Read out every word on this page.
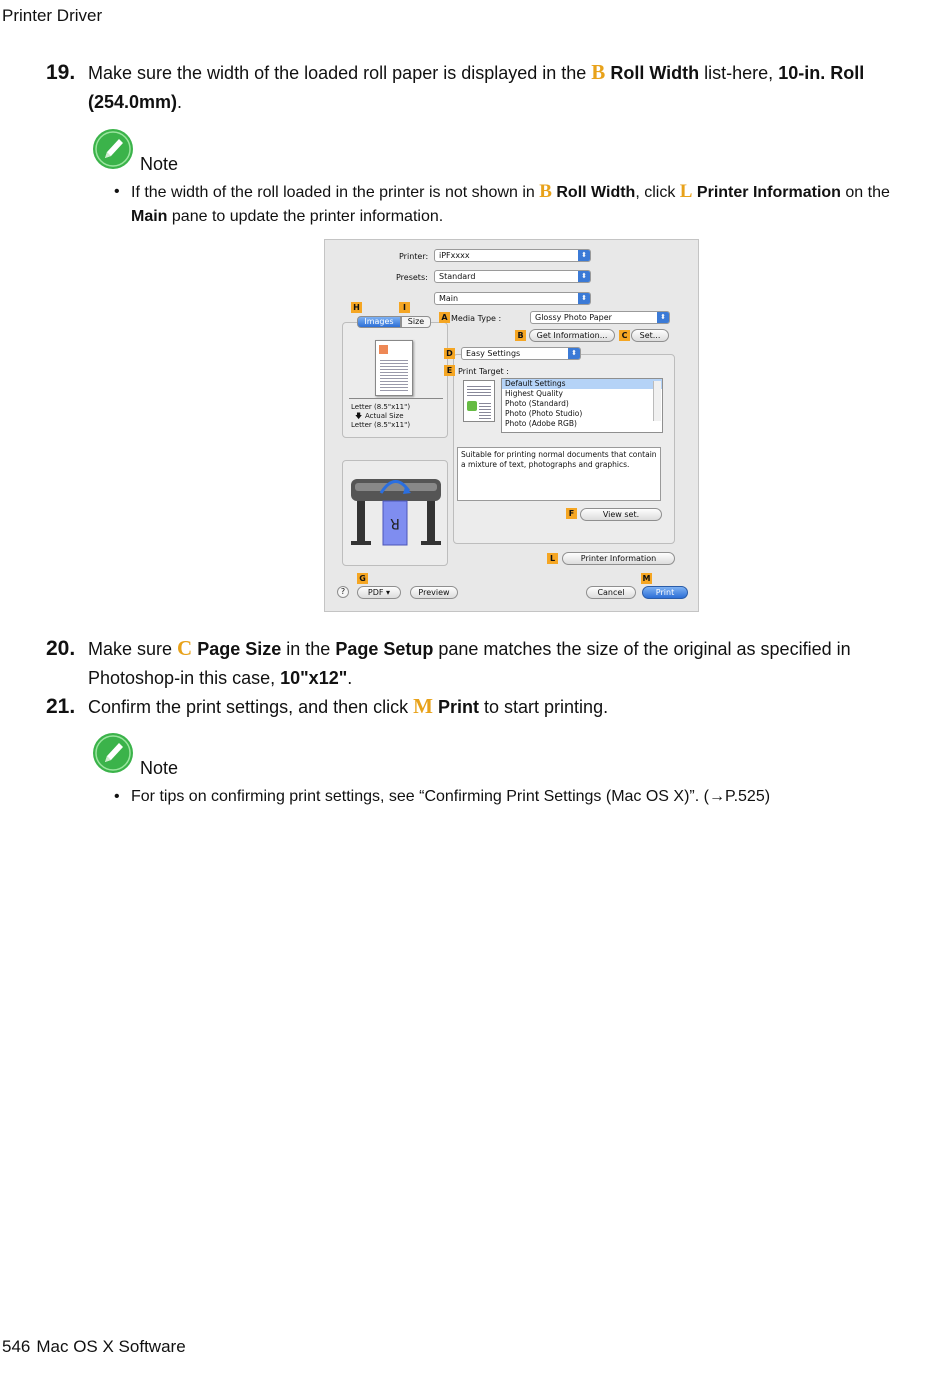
Printer Driver
19. Make sure the width of the loaded roll paper is displayed in the B Roll Width list-here, 10-in. Roll (254.0mm).
Note
• If the width of the roll loaded in the printer is not shown in B Roll Width, click L Printer Information on the Main pane to update the printer information.
Printer:	iPFxxxx	⬍
Presets:	Standard	⬍
Main	⬍
H	I
Images	Size
Letter (8.5"x11")
🡇 Actual Size
Letter (8.5"x11")
R
A Media Type :	Glossy Photo Paper	⬍
B	Get Information...	C	Set...
D	Easy Settings	⬍
E Print Target :
Default Settings
Highest Quality
Photo (Standard)
Photo (Photo Studio)
Photo (Adobe RGB)
Suitable for printing normal documents that contain a mixture of text, photographs and graphics.
F	View set.
L	Printer Information
G	M
?	PDF ▾	Preview	Cancel	Print
20. Make sure C Page Size in the Page Setup pane matches the size of the original as specified in Photoshop-in this case, 10"x12".
21. Confirm the print settings, and then click M Print to start printing.
Note
• For tips on confirming print settings, see “Confirming Print Settings (Mac OS X)”. (→P.525)
546 Mac OS X Software
